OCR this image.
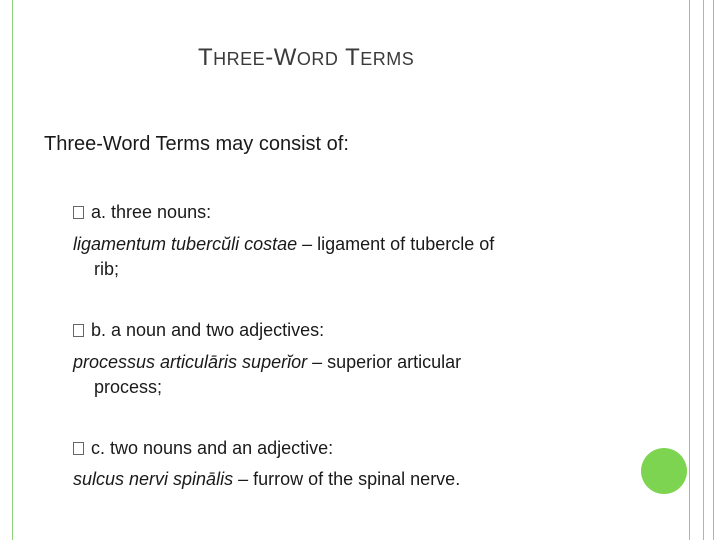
THREE-WORD TERMS
Three-Word Terms may consist of:
a. three nouns:
ligamentum tubercŭli costae – ligament of tubercle of
rib;
b. a noun and two adjectives:
processus articulāris superĭor – superior articular
process;
c. two nouns and an adjective:
sulcus nervi spinālis – furrow of the spinal nerve.
